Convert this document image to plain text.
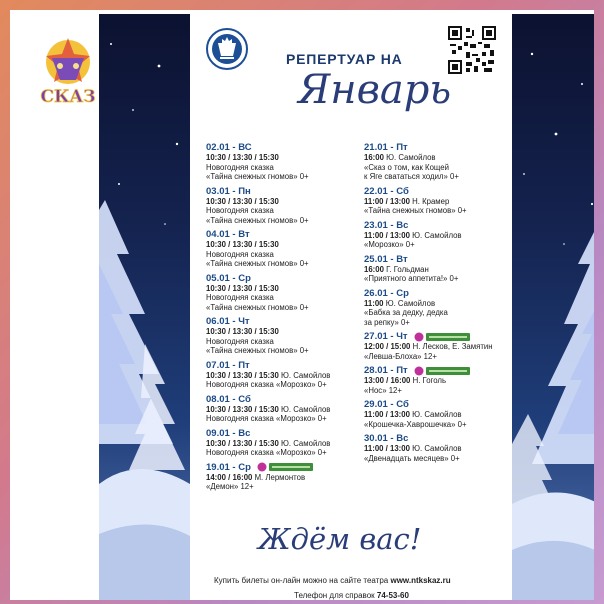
СКАЗ
РЕПЕРТУАР НА
Январь
02.01 - ВС
10:30 / 13:30 / 15:30
Новогодняя сказка
«Тайна снежных гномов» 0+
03.01 - Пн
10:30 / 13:30 / 15:30
Новогодняя сказка
«Тайна снежных гномов» 0+
04.01 - Вт
10:30 / 13:30 / 15:30
Новогодняя сказка
«Тайна снежных гномов» 0+
05.01 - Ср
10:30 / 13:30 / 15:30
Новогодняя сказка
«Тайна снежных гномов» 0+
06.01 - Чт
10:30 / 13:30 / 15:30
Новогодняя сказка
«Тайна снежных гномов» 0+
07.01 - Пт
10:30 / 13:30 / 15:30 Ю. Самойлов
Новогодняя сказка «Морозко» 0+
08.01 - Сб
10:30 / 13:30 / 15:30 Ю. Самойлов
Новогодняя сказка «Морозко» 0+
09.01 - Вс
10:30 / 13:30 / 15:30 Ю. Самойлов
Новогодняя сказка «Морозко» 0+
19.01 - Ср
14:00 / 16:00 М. Лермонтов
«Демон» 12+
21.01 - Пт
16:00 Ю. Самойлов
«Сказ о том, как Кощей
к Яге свататься ходил» 0+
22.01 - Сб
11:00 / 13:00 Н. Крамер
«Тайна снежных гномов» 0+
23.01 - Вс
11:00 / 13:00 Ю. Самойлов
«Морозко» 0+
25.01 - Вт
16:00 Г. Гольдман
«Приятного аппетита!» 0+
26.01 - Ср
11:00 Ю. Самойлов
«Бабка за дедку, дедка
за репку» 0+
27.01 - Чт
12:00 / 15:00 Н. Лесков, Е. Замятин
«Левша-Блоха» 12+
28.01 - Пт
13:00 / 16:00 Н. Гоголь
«Нос» 12+
29.01 - Сб
11:00 / 13:00 Ю. Самойлов
«Крошечка-Хаврошечка» 0+
30.01 - Вс
11:00 / 13:00 Ю. Самойлов
«Двенадцать месяцев» 0+
Ждём вас!
Купить билеты он-лайн можно на сайте театра www.ntkskaz.ru
Телефон для справок 74-53-60
